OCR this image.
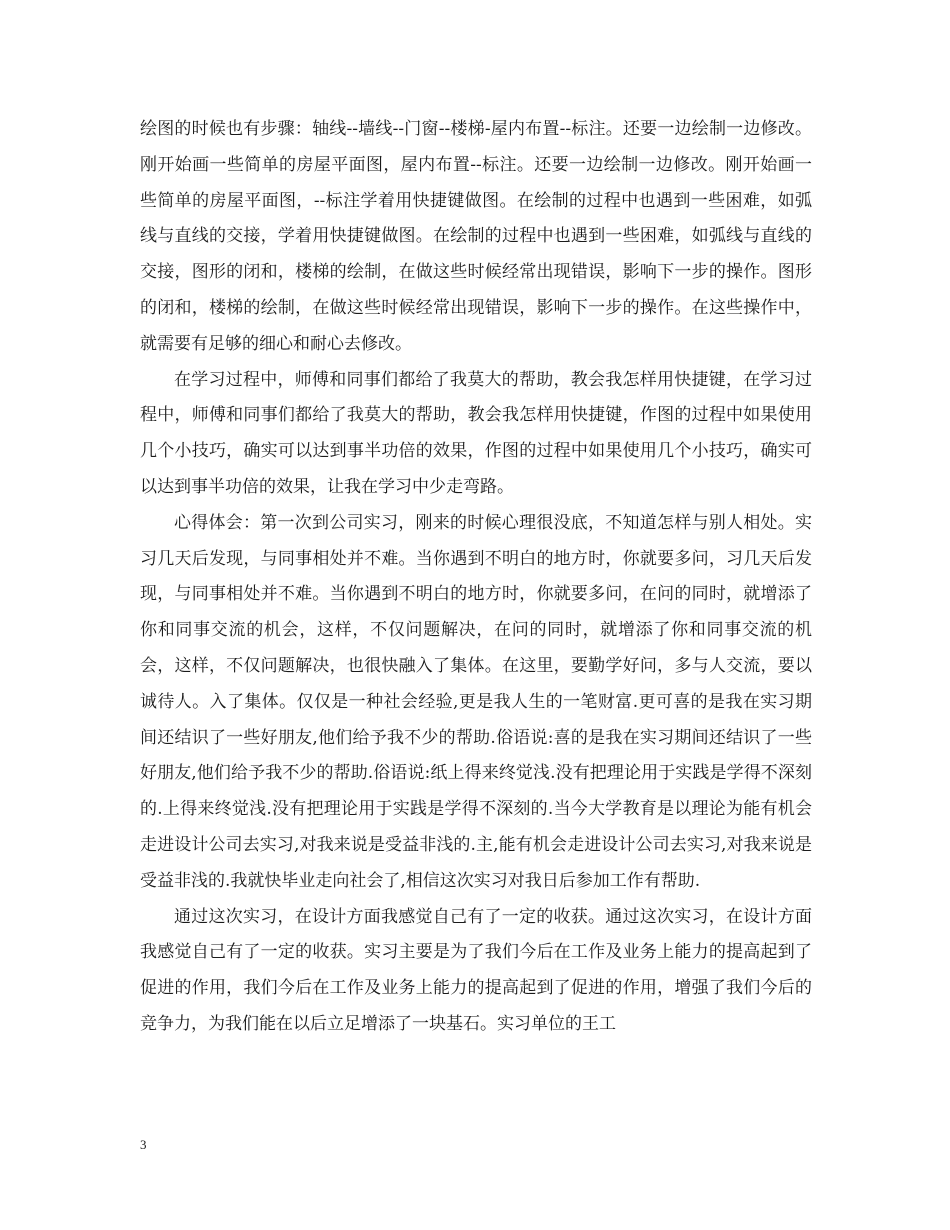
绘图的时候也有步骤：轴线--墙线--门窗--楼梯-屋内布置--标注。还要一边绘制一边修改。刚开始画一些简单的房屋平面图，屋内布置--标注。还要一边绘制一边修改。刚开始画一些简单的房屋平面图，--标注学着用快捷键做图。在绘制的过程中也遇到一些困难，如弧线与直线的交接，学着用快捷键做图。在绘制的过程中也遇到一些困难，如弧线与直线的交接，图形的闭和，楼梯的绘制，在做这些时候经常出现错误，影响下一步的操作。图形的闭和，楼梯的绘制，在做这些时候经常出现错误，影响下一步的操作。在这些操作中，就需要有足够的细心和耐心去修改。

在学习过程中，师傅和同事们都给了我莫大的帮助，教会我怎样用快捷键，在学习过程中，师傅和同事们都给了我莫大的帮助，教会我怎样用快捷键，作图的过程中如果使用几个小技巧，确实可以达到事半功倍的效果，作图的过程中如果使用几个小技巧，确实可以达到事半功倍的效果，让我在学习中少走弯路。

心得体会：第一次到公司实习，刚来的时候心理很没底，不知道怎样与别人相处。实习几天后发现，与同事相处并不难。当你遇到不明白的地方时，你就要多问，习几天后发现，与同事相处并不难。当你遇到不明白的地方时，你就要多问，在问的同时，就增添了你和同事交流的机会，这样，不仅问题解决，在问的同时，就增添了你和同事交流的机会，这样，不仅问题解决，也很快融入了集体。在这里，要勤学好问，多与人交流，要以诚待人。入了集体。仅仅是一种社会经验,更是我人生的一笔财富.更可喜的是我在实习期间还结识了一些好朋友,他们给予我不少的帮助.俗语说:喜的是我在实习期间还结识了一些好朋友,他们给予我不少的帮助.俗语说:纸上得来终觉浅.没有把理论用于实践是学得不深刻的.上得来终觉浅.没有把理论用于实践是学得不深刻的.当今大学教育是以理论为能有机会走进设计公司去实习,对我来说是受益非浅的.主,能有机会走进设计公司去实习,对我来说是受益非浅的.我就快毕业走向社会了,相信这次实习对我日后参加工作有帮助.

通过这次实习，在设计方面我感觉自己有了一定的收获。通过这次实习，在设计方面我感觉自己有了一定的收获。实习主要是为了我们今后在工作及业务上能力的提高起到了促进的作用，我们今后在工作及业务上能力的提高起到了促进的作用，增强了我们今后的竞争力，为我们能在以后立足增添了一块基石。实习单位的王工

3
